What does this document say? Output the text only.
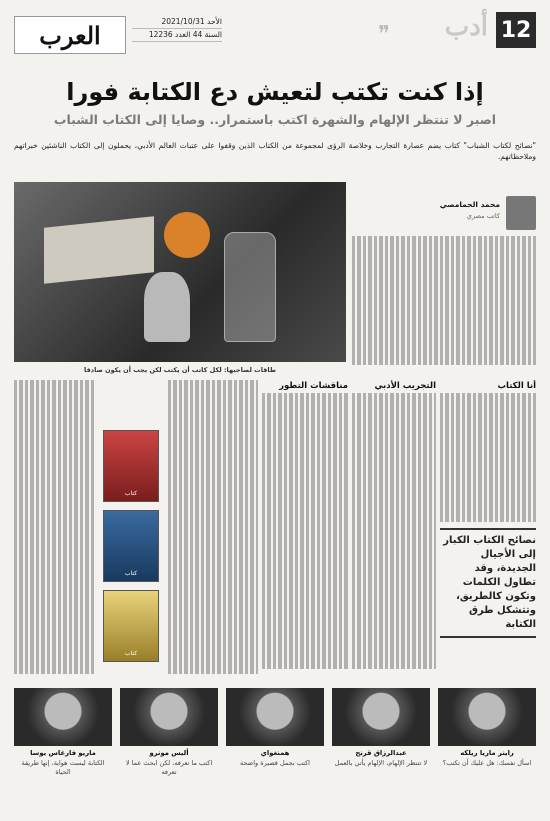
12
أدب
❞
العرب	الأحد 2021/10/31
السنة 44 العدد 12236
إذا كنت تكتب لتعيش دع الكتابة فورا
اصبر لا تنتظر الإلهام والشهرة اكتب باستمرار.. وصايا إلى الكتاب الشباب

"نصائح لكتاب الشباب" كتاب يضم عصارة التجارب وخلاصة الرؤى لمجموعة من الكتاب الذين وقفوا على عتبات العالم الأدبي، يحملون إلى الكتاب الناشئين خبراتهم وملاحظاتهم.

طاقات لصاحبها: لكل كاتب أن يكتب لكن يجب أن يكون صادقا
محمد الحمامصي
كاتب مصري
أنا الكتاب
نصائح الكتاب الكبار إلى الأجيال الجديدة، وقد تطاول الكلمات وتكون كالطريق، وتتشكل طرق الكتابة
التجريب الأدبي
مناقشات التطور
كتاب
كتاب
كتاب
ماريو فارغاس يوسا
الكتابة ليست هواية، إنها طريقة الحياة
أليس مونرو
اكتب ما تعرفه، لكن ابحث عما لا تعرفه
همنغواي
اكتب بجمل قصيرة واضحة
عبدالرزاق قرنح
لا تتنظر الإلهام، الإلهام يأتي بالعمل
راينر ماريا ريلكه
اسأل نفسك: هل عليك أن تكتب؟
